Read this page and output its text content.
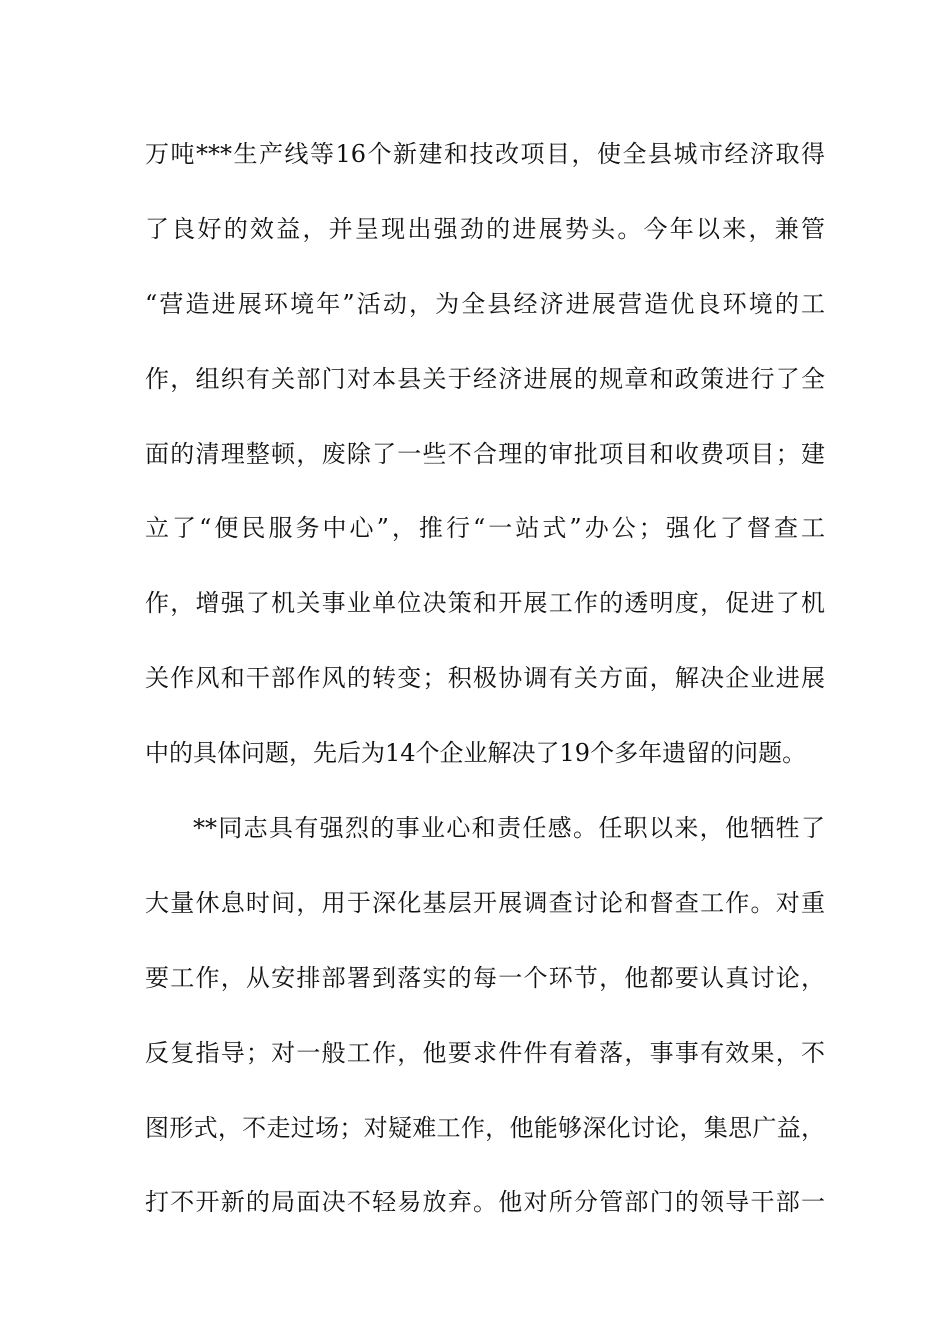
万吨***生产线等16个新建和技改项目，使全县城市经济取得
了良好的效益，并呈现出强劲的进展势头。今年以来，兼管
“营造进展环境年”活动，为全县经济进展营造优良环境的工
作，组织有关部门对本县关于经济进展的规章和政策进行了全
面的清理整顿，废除了一些不合理的审批项目和收费项目；建
立了“便民服务中心”，推行“一站式”办公；强化了督查工
作，增强了机关事业单位决策和开展工作的透明度，促进了机
关作风和干部作风的转变；积极协调有关方面，解决企业进展
中的具体问题，先后为14个企业解决了19个多年遗留的问题。
**同志具有强烈的事业心和责任感。任职以来，他牺牲了
大量休息时间，用于深化基层开展调查讨论和督查工作。对重
要工作，从安排部署到落实的每一个环节，他都要认真讨论，
反复指导；对一般工作，他要求件件有着落，事事有效果，不
图形式，不走过场；对疑难工作，他能够深化讨论，集思广益，
打不开新的局面决不轻易放弃。他对所分管部门的领导干部一
